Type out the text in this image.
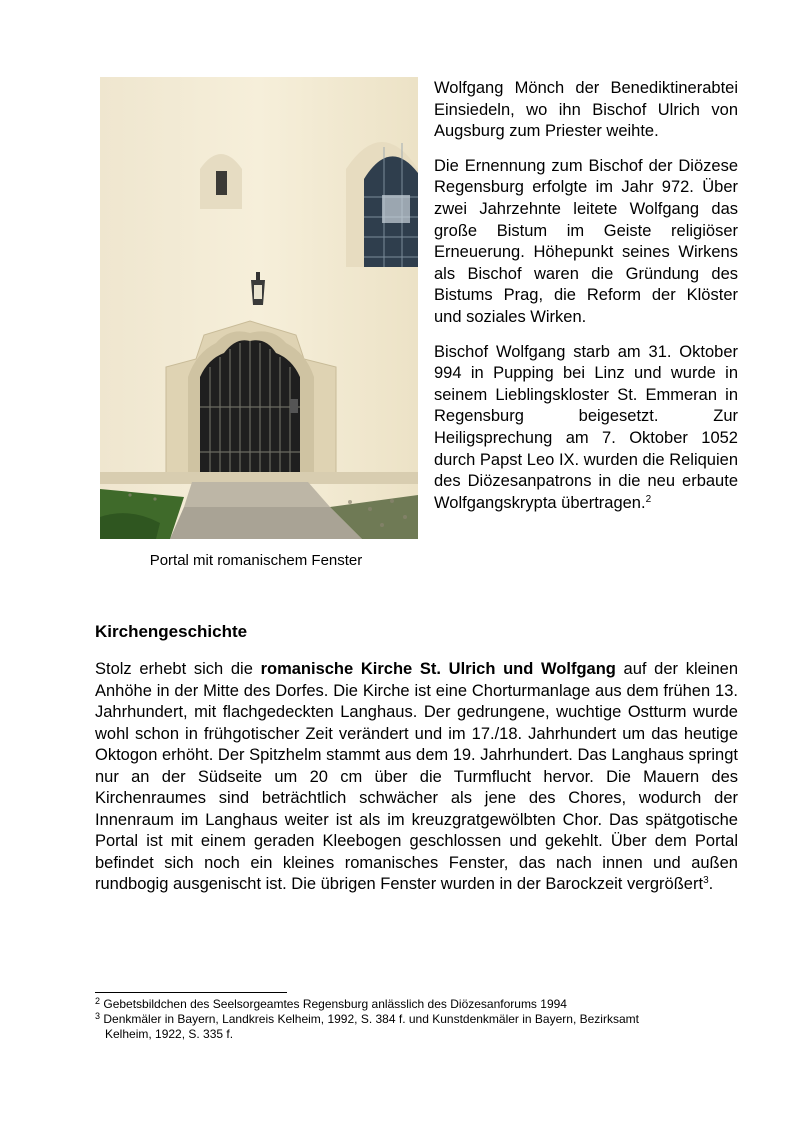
Portal mit romanischem Fenster

Wolfgang Mönch der Benediktinerabtei Einsiedeln, wo ihn Bischof Ulrich von Augsburg zum Priester weihte.

Die Ernennung zum Bischof der Diözese Regensburg erfolgte im Jahr 972. Über zwei Jahrzehnte leitete Wolfgang das große Bistum im Geiste religiöser Erneuerung. Höhepunkt seines Wirkens als Bischof waren die Gründung des Bistums Prag, die Reform der Klöster und soziales Wirken.

Bischof Wolfgang starb am 31. Oktober 994 in Pupping bei Linz und wurde in seinem Lieblingskloster St. Emmeran in Regensburg beigesetzt. Zur Heiligsprechung am 7. Oktober 1052 durch Papst Leo IX. wurden die Reliquien des Diözesanpatrons in die neu erbaute Wolfgangskrypta übertragen.$^2$

Kirchengeschichte

Stolz erhebt sich die romanische Kirche St. Ulrich und Wolfgang auf der kleinen Anhöhe in der Mitte des Dorfes. Die Kirche ist eine Chorturmanlage aus dem frühen 13. Jahrhundert, mit flachgedeckten Langhaus. Der gedrungene, wuchtige Ostturm wurde wohl schon in frühgotischer Zeit verändert und im 17./18. Jahrhundert um das heutige Oktogon erhöht. Der Spitzhelm stammt aus dem 19. Jahrhundert. Das Langhaus springt nur an der Südseite um 20 cm über die Turmflucht hervor. Die Mauern des Kirchenraumes sind beträchtlich schwächer als jene des Chores, wodurch der Innenraum im Langhaus weiter ist als im kreuzgratgewölbten Chor. Das spätgotische Portal ist mit einem geraden Kleebogen geschlossen und gekehlt. Über dem Portal befindet sich noch ein kleines romanisches Fenster, das nach innen und außen rundbogig ausgenischt ist. Die übrigen Fenster wurden in der Barockzeit vergrößert$^3$.

$^2$ Gebetsbildchen des Seelsorgeamtes Regensburg anlässlich des Diözesanforums 1994

$^3$ Denkmäler in Bayern, Landkreis Kelheim, 1992, S. 384 f. und Kunstdenkmäler in Bayern, Bezirksamt
Kelheim, 1922, S. 335 f.
